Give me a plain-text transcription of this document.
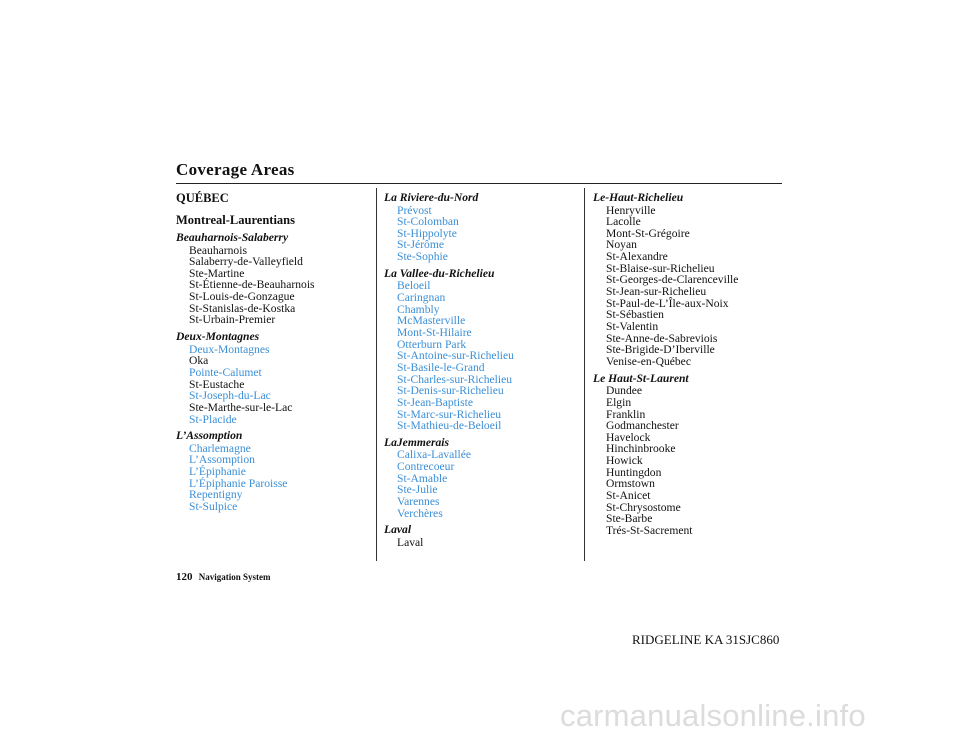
Coverage Areas

QUÉBEC

Montreal-Laurentians

Beauharnois-Salaberry

Beauharnois
Salaberry-de-Valleyfield
Ste-Martine
St-Étienne-de-Beauharnois
St-Louis-de-Gonzague
St-Stanislas-de-Kostka
St-Urbain-Premier

Deux-Montagnes

Deux-Montagnes
Oka
Pointe-Calumet
St-Eustache
St-Joseph-du-Lac
Ste-Marthe-sur-le-Lac
St-Placide

L’Assomption

Charlemagne
L’Assomption
L’Épiphanie
L’Épiphanie Paroisse
Repentigny
St-Sulpice

La Riviere-du-Nord

Prévost
St-Colomban
St-Hippolyte
St-Jérôme
Ste-Sophie

La Vallee-du-Richelieu

Beloeil
Caringnan
Chambly
McMasterville
Mont-St-Hilaire
Otterburn Park
St-Antoine-sur-Richelieu
St-Basile-le-Grand
St-Charles-sur-Richelieu
St-Denis-sur-Richelieu
St-Jean-Baptiste
St-Marc-sur-Richelieu
St-Mathieu-de-Beloeil

LaJemmerais

Calixa-Lavallée
Contrecoeur
St-Amable
Ste-Julie
Varennes
Verchères

Laval

Laval

Le-Haut-Richelieu

Henryville
Lacolle
Mont-St-Grégoire
Noyan
St-Alexandre
St-Blaise-sur-Richelieu
St-Georges-de-Clarenceville
St-Jean-sur-Richelieu
St-Paul-de-L’Île-aux-Noix
St-Sébastien
St-Valentin
Ste-Anne-de-Sabreviois
Ste-Brigide-D’Iberville
Venise-en-Québec

Le Haut-St-Laurent

Dundee
Elgin
Franklin
Godmanchester
Havelock
Hinchinbrooke
Howick
Huntingdon
Ormstown
St-Anicet
St-Chrysostome
Ste-Barbe
Trés-St-Sacrement
120 Navigation System
RIDGELINE KA 31SJC860
carmanualsonline.info
